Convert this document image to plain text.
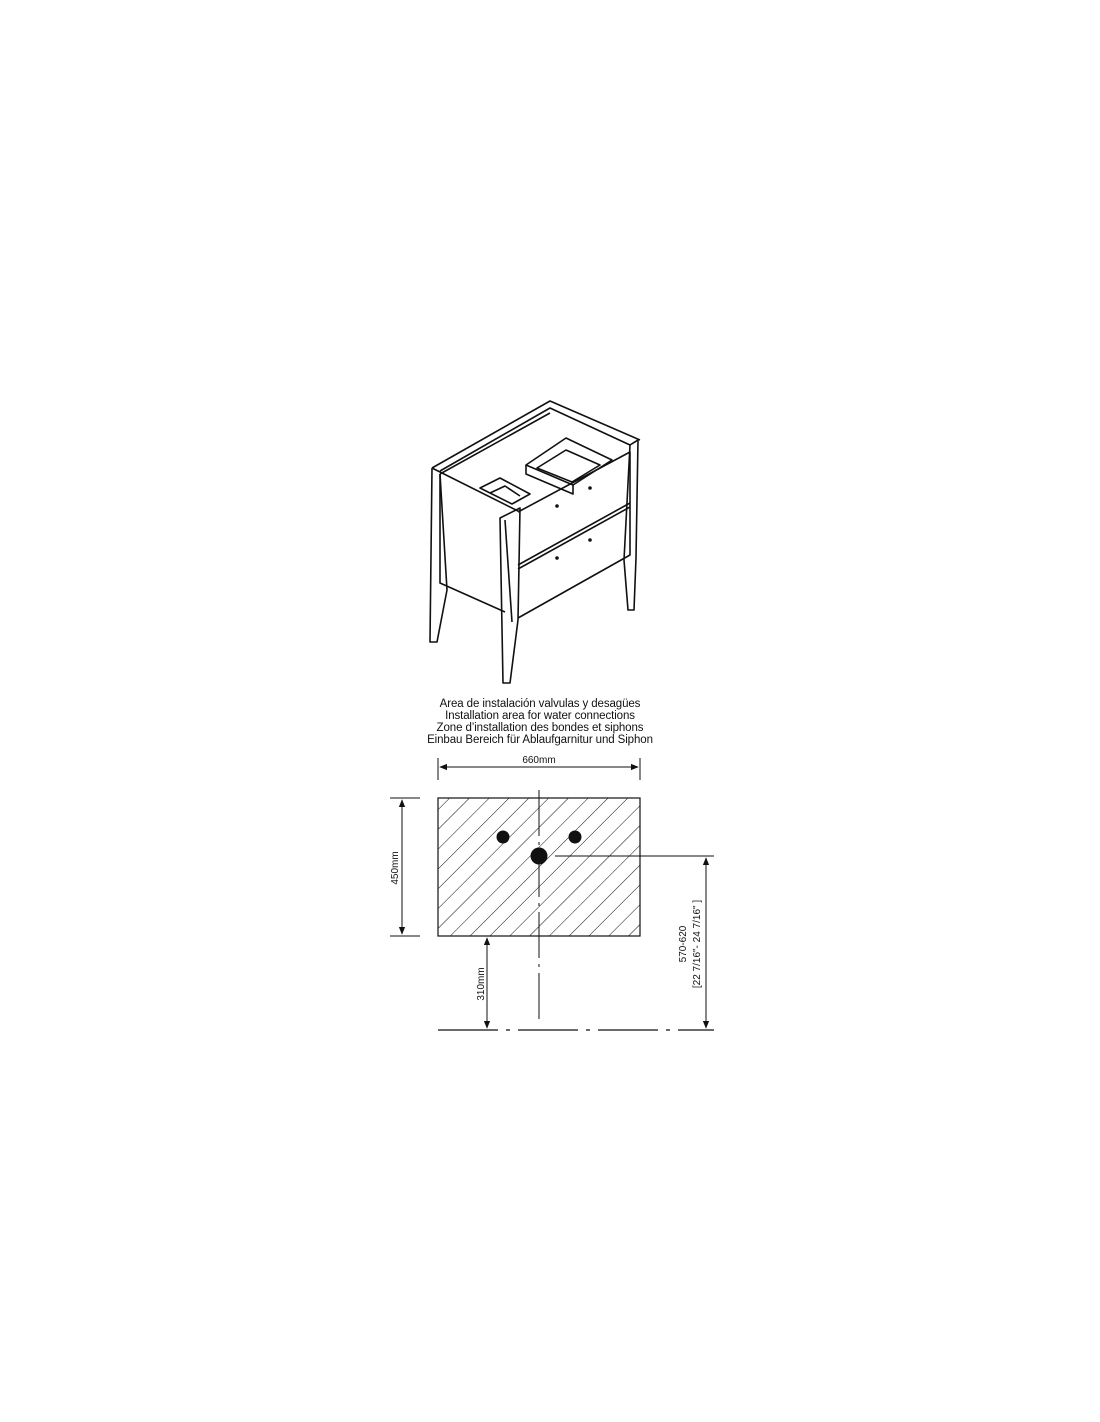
660mm
450mm
310mm
570-620 [22 7/16"- 24 7/16" ]
Area de instalación valvulas y desagües
Installation area for water connections
Zone d’installation des bondes et siphons
Einbau Bereich für Ablaufgarnitur und Siphon
